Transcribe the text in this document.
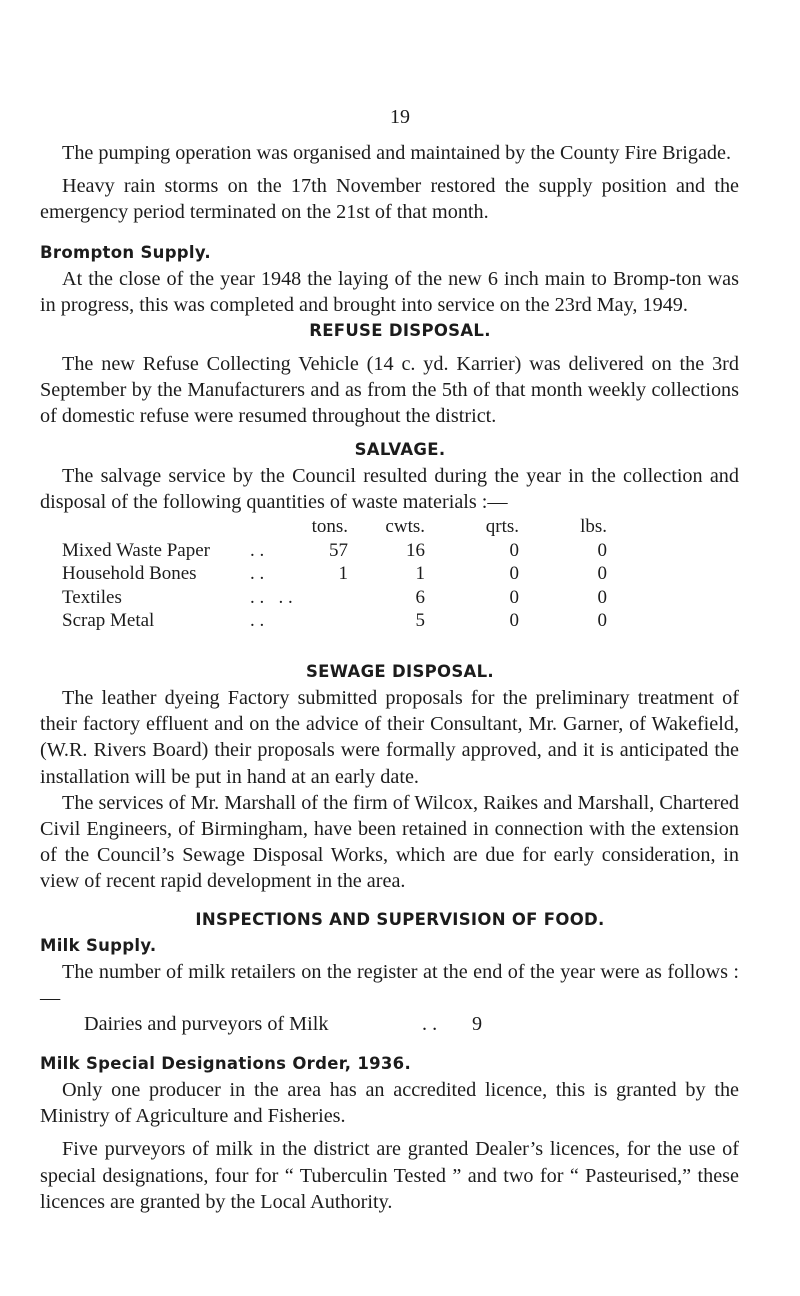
19

The pumping operation was organised and maintained by the County Fire Brigade.

Heavy rain storms on the 17th November restored the supply position and the emergency period terminated on the 21st of that month.

Brompton Supply.

At the close of the year 1948 the laying of the new 6 inch main to Bromp-ton was in progress, this was completed and brought into service on the 23rd May, 1949.

REFUSE DISPOSAL.

The new Refuse Collecting Vehicle (14 c. yd. Karrier) was delivered on the 3rd September by the Manufacturers and as from the 5th of that month weekly collections of domestic refuse were resumed throughout the district.

SALVAGE.

The salvage service by the Council resulted during the year in the collection and disposal of the following quantities of waste materials :—

		tons.	cwts.	qrts.	lbs.
Mixed Waste Paper	. .	57	16	0	0
Household Bones	. .	1	1	0	0
Textiles	. .   . .		6	0	0
Scrap Metal	. .		5	0	0

SEWAGE DISPOSAL.

The leather dyeing Factory submitted proposals for the preliminary treatment of their factory effluent and on the advice of their Consultant, Mr. Garner, of Wakefield, (W.R. Rivers Board) their proposals were formally approved, and it is anticipated the installation will be put in hand at an early date.

The services of Mr. Marshall of the firm of Wilcox, Raikes and Marshall, Chartered Civil Engineers, of Birmingham, have been retained in connection with the extension of the Council’s Sewage Disposal Works, which are due for early consideration, in view of recent rapid development in the area.

INSPECTIONS AND SUPERVISION OF FOOD.

Milk Supply.

The number of milk retailers on the register at the end of the year were as follows :—

Dairies and purveyors of Milk	. . 9

Milk Special Designations Order, 1936.

Only one producer in the area has an accredited licence, this is granted by the Ministry of Agriculture and Fisheries.

Five purveyors of milk in the district are granted Dealer’s licences, for the use of special designations, four for “ Tuberculin Tested ” and two for “ Pasteurised,” these licences are granted by the Local Authority.
